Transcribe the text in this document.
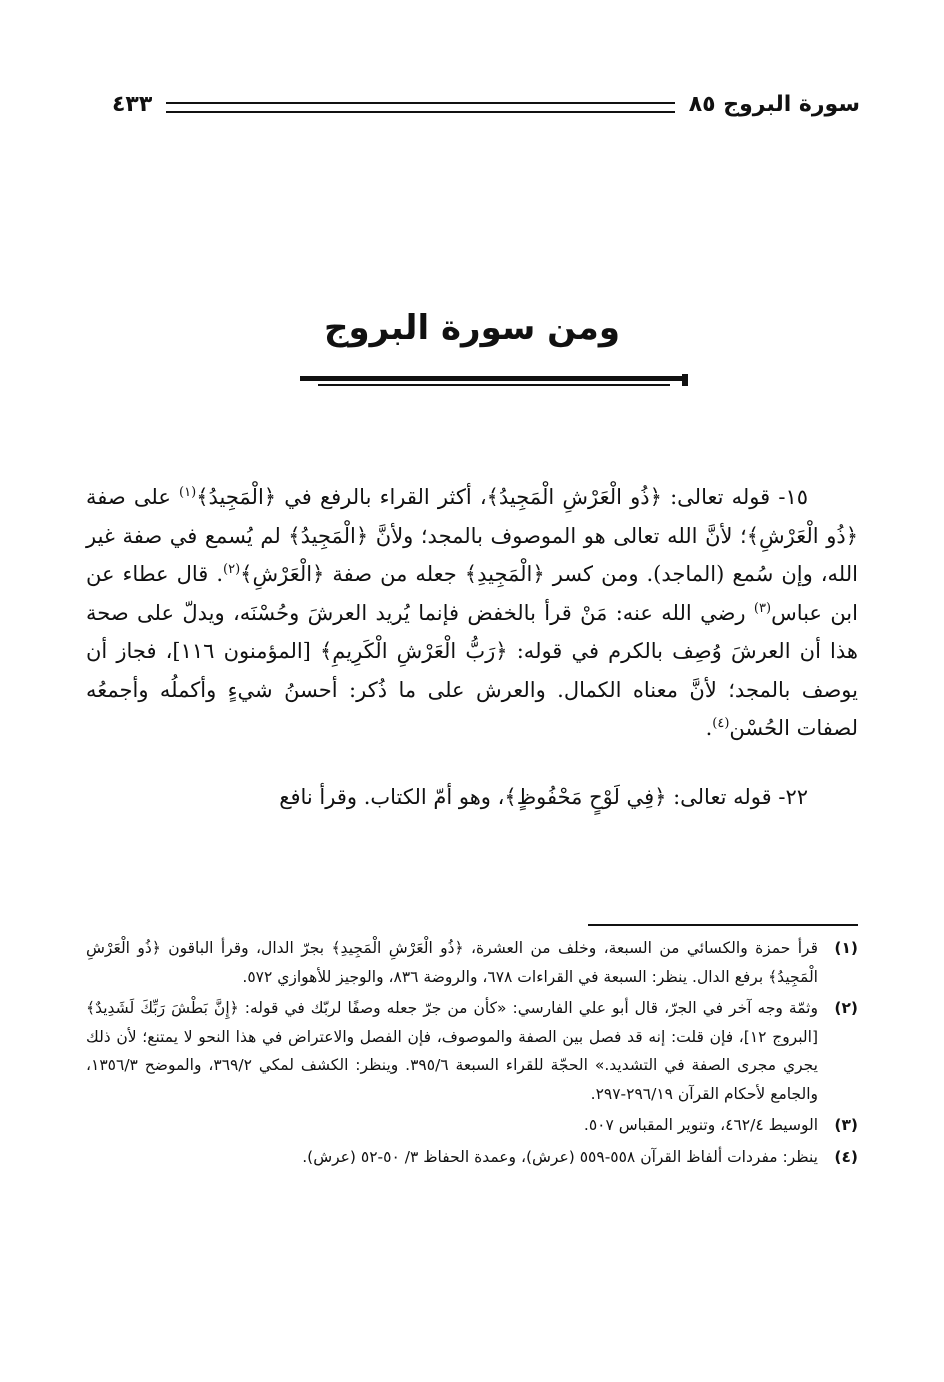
سورة البروج ٨٥
٤٣٣
ومن سورة البروج

١٥- قوله تعالى: ﴿ذُو الْعَرْشِ الْمَجِيدُ﴾، أكثر القراء بالرفع في ﴿الْمَجِيدُ﴾$^{(١)}$ على صفة ﴿ذُو الْعَرْشِ﴾؛ لأنَّ الله تعالى هو الموصوف بالمجد؛ ولأنَّ ﴿الْمَجِيدُ﴾ لم يُسمع في صفة غير الله، وإن سُمع (الماجد). ومن كسر ﴿الْمَجِيدِ﴾ جعله من صفة ﴿الْعَرْشِ﴾$^{(٢)}$. قال عطاء عن ابن عباس$^{(٣)}$ رضي الله عنه: مَنْ قرأ بالخفض فإنما يُريد العرشَ وحُسْنَه، ويدلّ على صحة هذا أن العرشَ وُصِف بالكرم في قوله: ﴿رَبُّ الْعَرْشِ الْكَرِيمِ﴾ [المؤمنون ١١٦]، فجاز أن يوصف بالمجد؛ لأنَّ معناه الكمال. والعرش على ما ذُكر: أحسنُ شيءٍ وأكملُه وأجمعُه لصفات الحُسْن$^{(٤)}$.

٢٢- قوله تعالى: ﴿فِي لَوْحٍ مَحْفُوظٍ﴾، وهو أمّ الكتاب. وقرأ نافع

(١)
قرأ حمزة والكسائي من السبعة، وخلف من العشرة، ﴿ذُو الْعَرْشِ الْمَجِيدِ﴾ بجرّ الدال، وقرأ الباقون ﴿ذُو الْعَرْشِ الْمَجِيدُ﴾ برفع الدال. ينظر: السبعة في القراءات ٦٧٨، والروضة ٨٣٦، والوجيز للأهوازي ٥٧٢.
(٢)
وثمّة وجه آخر في الجرّ، قال أبو علي الفارسي: «كأن من جرّ جعله وصفًا لربّك في قوله: ﴿إِنَّ بَطْشَ رَبِّكَ لَشَدِيدٌ﴾ [البروج ١٢]، فإن قلت: إنه قد فصل بين الصفة والموصوف، فإن الفصل والاعتراض في هذا النحو لا يمتنع؛ لأن ذلك يجري مجرى الصفة في التشديد.» الحجّة للقراء السبعة ٣٩٥/٦. وينظر: الكشف لمكي ٣٦٩/٢، والموضح ١٣٥٦/٣، والجامع لأحكام القرآن ٢٩٦/١٩-٢٩٧.
(٣)
الوسيط ٤٦٢/٤، وتنوير المقباس ٥٠٧.
(٤)
ينظر: مفردات ألفاظ القرآن ٥٥٨-٥٥٩ (عرش)، وعمدة الحفاظ ٣/ ٥٠-٥٢ (عرش).
